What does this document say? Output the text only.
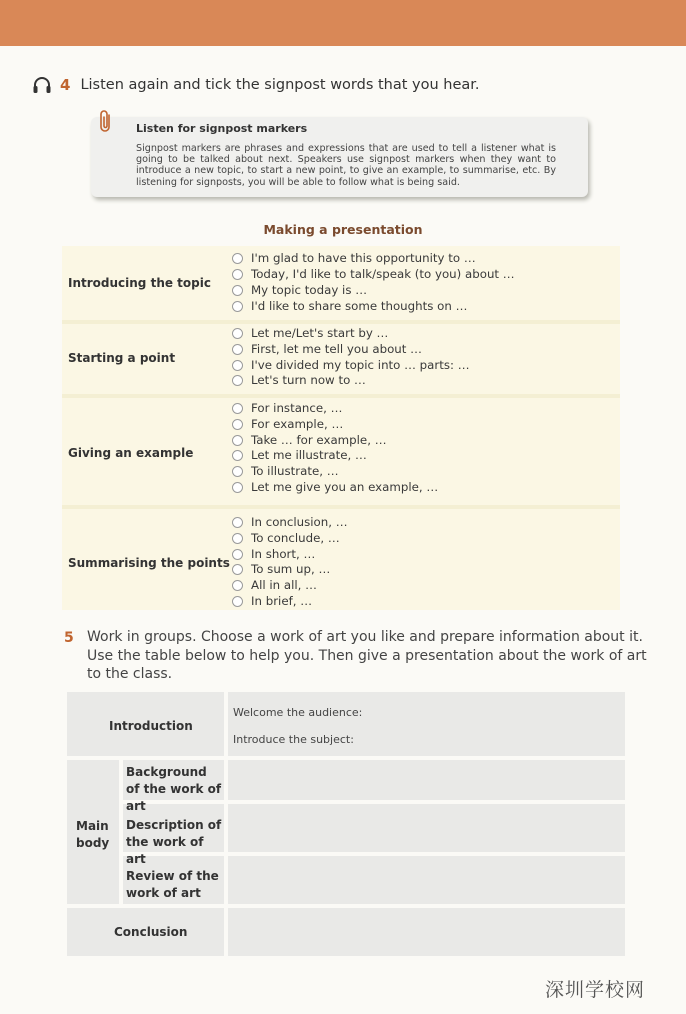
4 Listen again and tick the signpost words that you hear.
Listen for signpost markers
Signpost markers are phrases and expressions that are used to tell a listener what is going to be talked about next. Speakers use signpost markers when they want to introduce a new topic, to start a new point, to give an example, to summarise, etc. By listening for signposts, you will be able to follow what is being said.
Making a presentation
Introducing the topic
I'm glad to have this opportunity to …
Today, I'd like to talk/speak (to you) about …
My topic today is …
I'd like to share some thoughts on …
Starting a point
Let me/Let's start by …
First, let me tell you about …
I've divided my topic into … parts: …
Let's turn now to …
Giving an example
For instance, …
For example, …
Take … for example, …
Let me illustrate, …
To illustrate, …
Let me give you an example, …
Summarising the points
In conclusion, …
To conclude, …
In short, …
To sum up, …
All in all, …
In brief, …
5 Work in groups. Choose a work of art you like and prepare information about it. Use the table below to help you. Then give a presentation about the work of art to the class.
Introduction
Welcome the audience:
Introduce the subject:
Main body
Background of the work of art
Description of the work of art
Review of the work of art
Conclusion
深圳学校网
